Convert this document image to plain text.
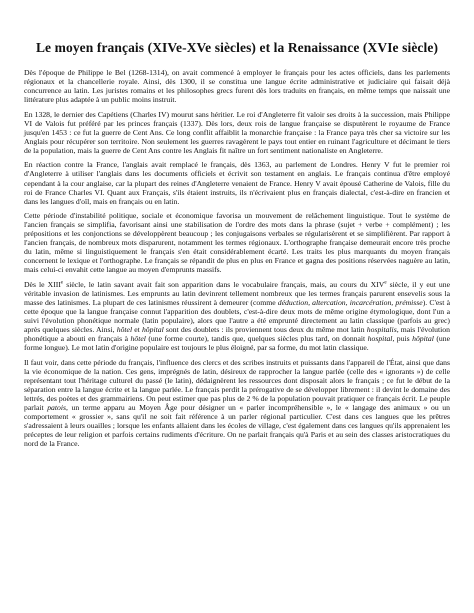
Le moyen français (XIVe-XVe siècles) et la Renaissance (XVIe siècle)

Dès l'époque de Philippe le Bel (1268-1314), on avait commencé à employer le français pour les actes officiels, dans les parlements régionaux et la chancellerie royale. Ainsi, dès 1300, il se constitua une langue écrite administrative et judiciaire qui faisait déjà concurrence au latin. Les juristes romains et les philosophes grecs furent dès lors traduits en français, en même temps que naissait une littérature plus adaptée à un public moins instruit.

En 1328, le dernier des Capétiens (Charles IV) mourut sans héritier. Le roi d'Angleterre fit valoir ses droits à la succession, mais Philippe VI de Valois fut préféré par les princes français (1337). Dès lors, deux rois de langue française se disputèrent le royaume de France jusqu'en 1453 : ce fut la guerre de Cent Ans. Ce long conflit affaiblit la monarchie française : la France paya très cher sa victoire sur les Anglais pour récupérer son territoire. Non seulement les guerres ravagèrent le pays tout entier en ruinant l'agriculture et décimant le tiers de la population, mais la guerre de Cent Ans contre les Anglais fit naître un fort sentiment nationaliste en Angleterre.

En réaction contre la France, l'anglais avait remplacé le français, dès 1363, au parlement de Londres. Henry V fut le premier roi d'Angleterre à utiliser l'anglais dans les documents officiels et écrivit son testament en anglais. Le français continua d'être employé cependant à la cour anglaise, car la plupart des reines d'Angleterre venaient de France. Henry V avait épousé Catherine de Valois, fille du roi de France Charles VI. Quant aux Français, s'ils étaient instruits, ils n'écrivaient plus en français dialectal, c'est-à-dire en francien et dans les langues d'oïl, mais en français ou en latin.

Cette période d'instabilité politique, sociale et économique favorisa un mouvement de relâchement linguistique. Tout le système de l'ancien français se simplifia, favorisant ainsi une stabilisation de l'ordre des mots dans la phrase (sujet + verbe + complément) ; les prépositions et les conjonctions se développèrent beaucoup ; les conjugaisons verbales se régularisèrent et se simplifièrent. Par rapport à l'ancien français, de nombreux mots disparurent, notamment les termes régionaux. L'orthographe française demeurait encore très proche du latin, même si linguistiquement le français s'en était considérablement écarté. Les traits les plus marquants du moyen français concernent le lexique et l'orthographe. Le français se répandit de plus en plus en France et gagna des positions réservées naguère au latin, mais celui-ci envahit cette langue au moyen d'emprunts massifs.

Dès le XIIIe siècle, le latin savant avait fait son apparition dans le vocabulaire français, mais, au cours du XIVe siècle, il y eut une véritable invasion de latinismes. Les emprunts au latin devinrent tellement nombreux que les termes français parurent ensevelis sous la masse des latinismes. La plupart de ces latinismes réussirent à demeurer (comme déduction, altercation, incarcération, prémisse). C'est à cette époque que la langue française connut l'apparition des doublets, c'est-à-dire deux mots de même origine étymologique, dont l'un a suivi l'évolution phonétique normale (latin populaire), alors que l'autre a été emprunté directement au latin classique (parfois au grec) après quelques siècles. Ainsi, hôtel et hôpital sont des doublets : ils proviennent tous deux du même mot latin hospitalis, mais l'évolution phonétique a abouti en français à hôtel (une forme courte), tandis que, quelques siècles plus tard, on donnait hospital, puis hôpital (une forme longue). Le mot latin d'origine populaire est toujours le plus éloigné, par sa forme, du mot latin classique.

Il faut voir, dans cette période du français, l'influence des clercs et des scribes instruits et puissants dans l'appareil de l'État, ainsi que dans la vie économique de la nation. Ces gens, imprégnés de latin, désireux de rapprocher la langue parlée (celle des « ignorants ») de celle représentant tout l'héritage culturel du passé (le latin), dédaignèrent les ressources dont disposait alors le français ; ce fut le début de la séparation entre la langue écrite et la langue parlée. Le français perdit la prérogative de se développer librement : il devint le domaine des lettrés, des poètes et des grammairiens. On peut estimer que pas plus de 2 % de la population pouvait pratiquer ce français écrit. Le peuple parlait patois, un terme apparu au Moyen Âge pour désigner un « parler incompréhensible », le « langage des animaux » ou un comportement « grossier », sans qu'il ne soit fait référence à un parler régional particulier. C'est dans ces langues que les prêtres s'adressaient à leurs ouailles ; lorsque les enfants allaient dans les écoles de village, c'est également dans ces langues qu'ils apprenaient les préceptes de leur religion et parfois certains rudiments d'écriture. On ne parlait français qu'à Paris et au sein des classes aristocratiques du nord de la France.
